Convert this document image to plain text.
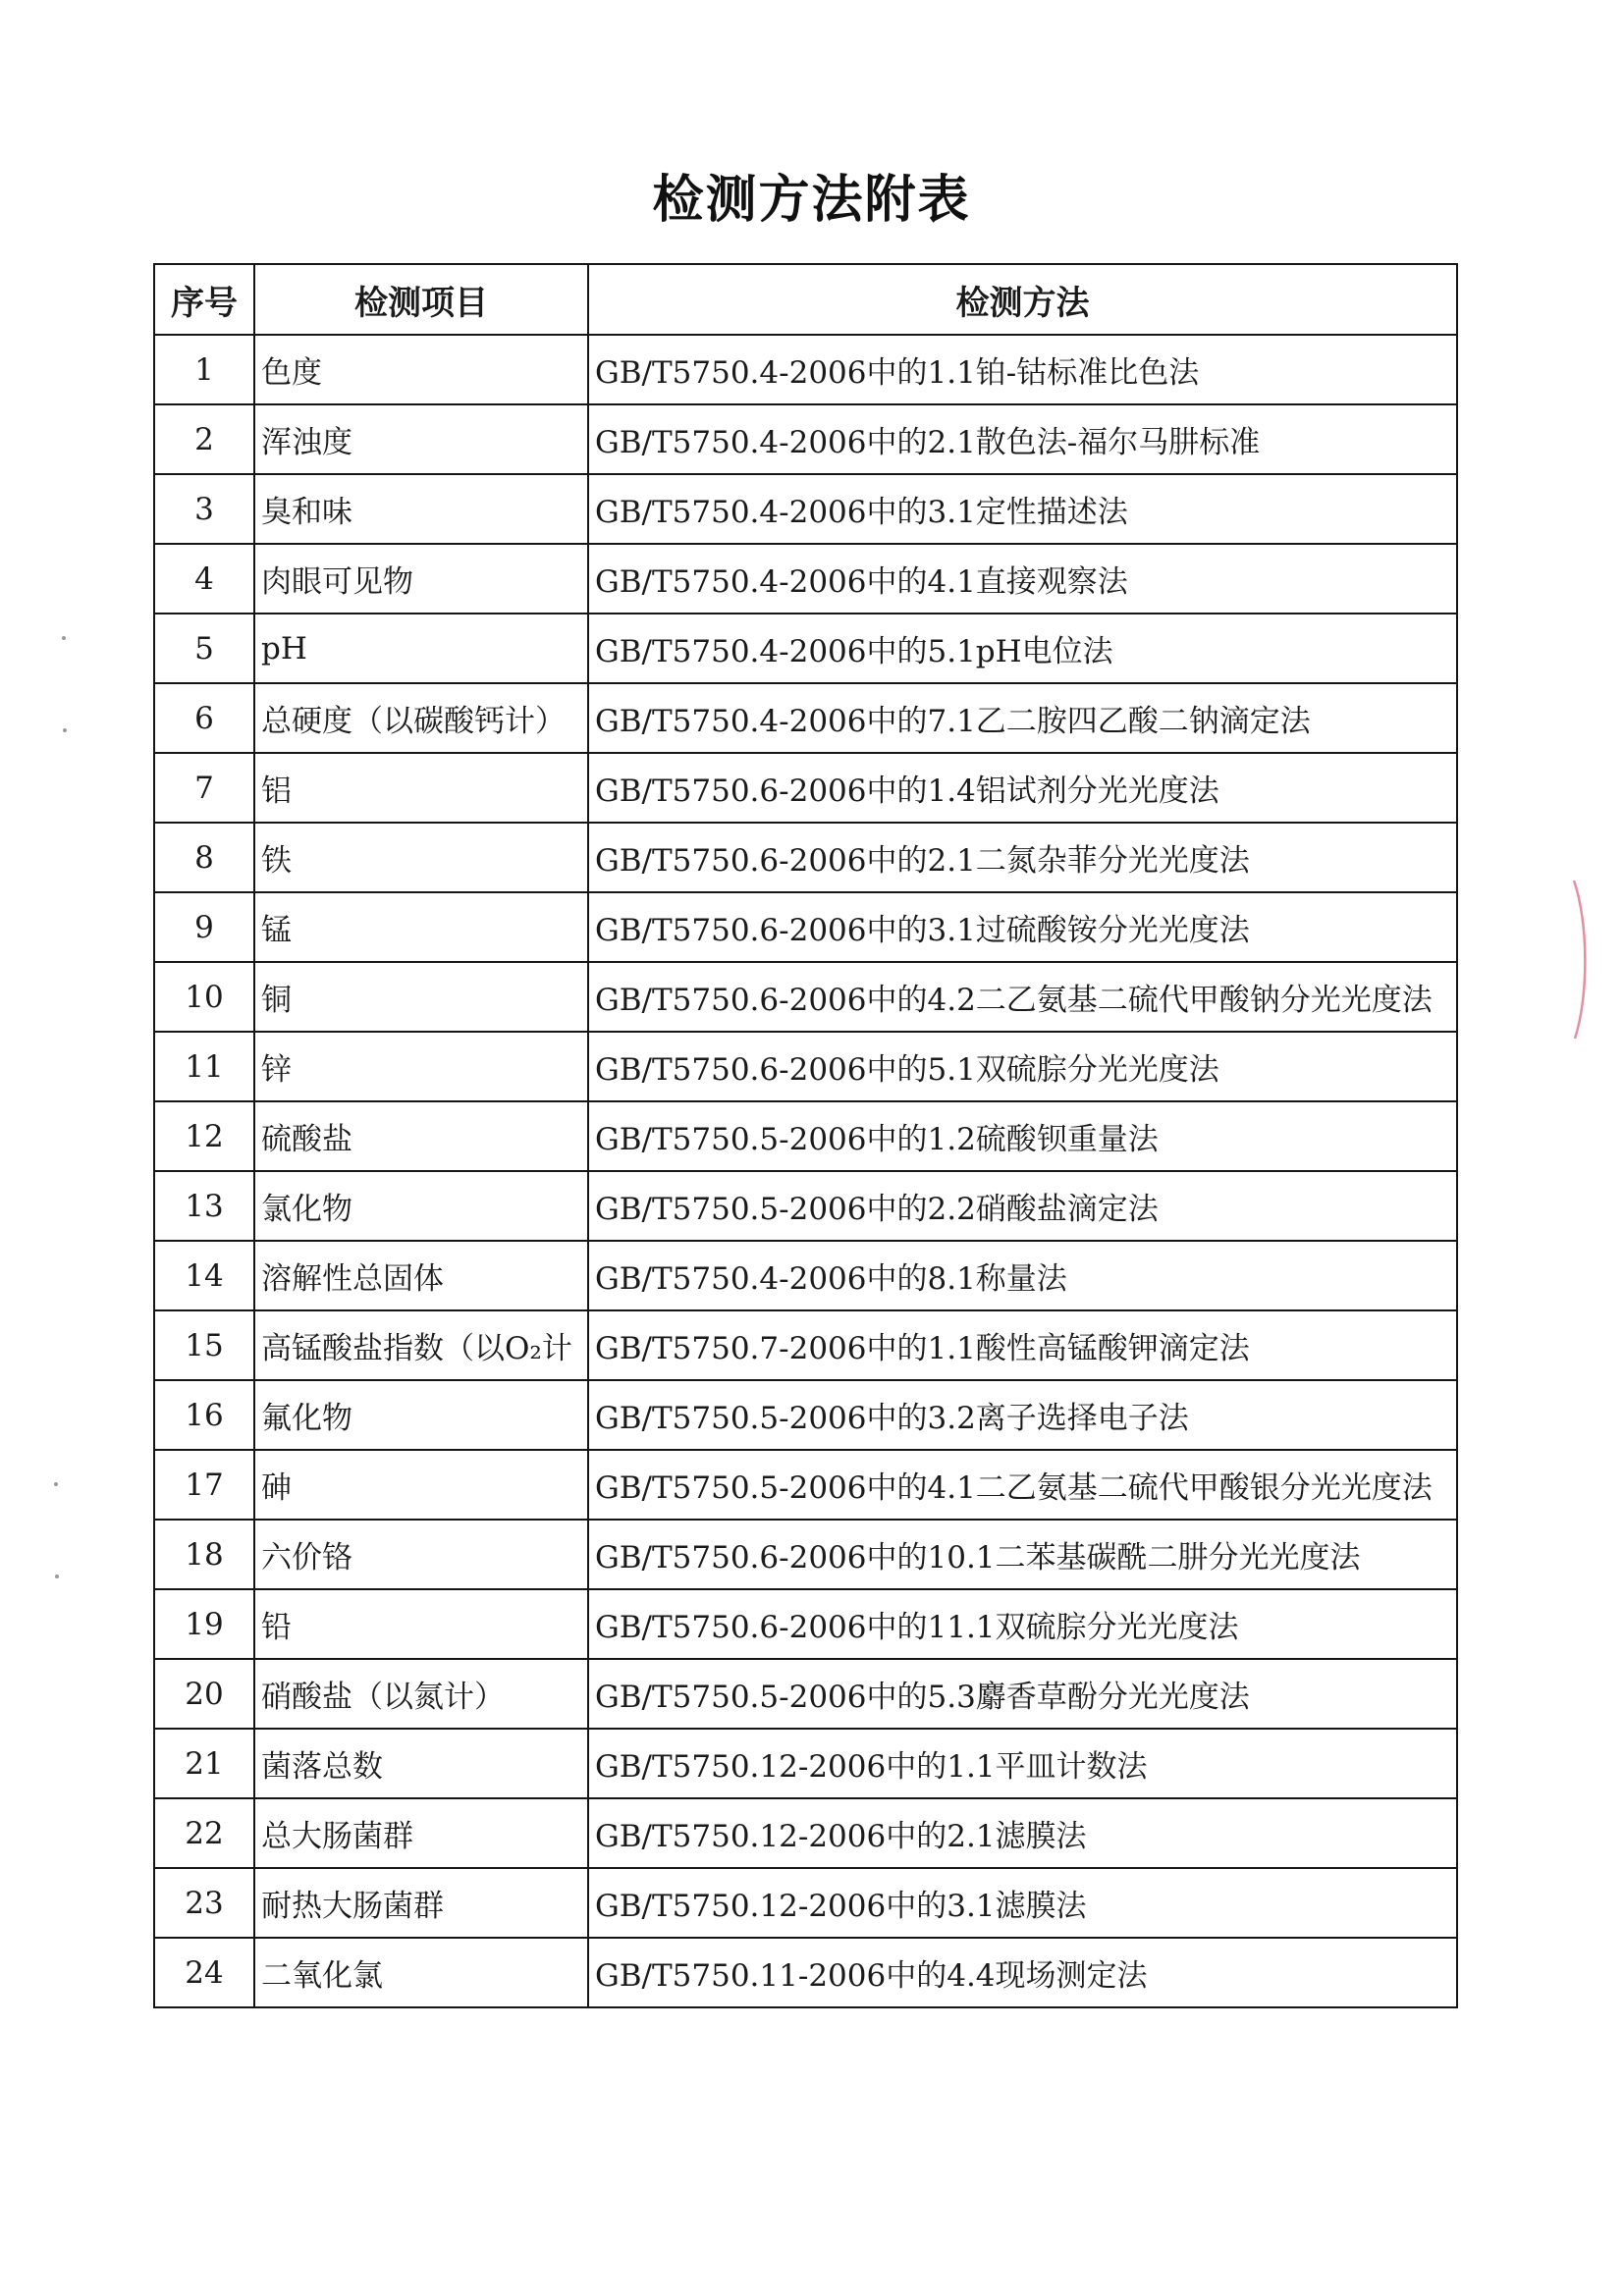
检测方法附表
序号	检测项目	检测方法
1	色度	GB/T5750.4-2006中的1.1铂-钴标准比色法
2	浑浊度	GB/T5750.4-2006中的2.1散色法-福尔马肼标准
3	臭和味	GB/T5750.4-2006中的3.1定性描述法
4	肉眼可见物	GB/T5750.4-2006中的4.1直接观察法
5	pH	GB/T5750.4-2006中的5.1pH电位法
6	总硬度（以碳酸钙计）	GB/T5750.4-2006中的7.1乙二胺四乙酸二钠滴定法
7	铝	GB/T5750.6-2006中的1.4铝试剂分光光度法
8	铁	GB/T5750.6-2006中的2.1二氮杂菲分光光度法
9	锰	GB/T5750.6-2006中的3.1过硫酸铵分光光度法
10	铜	GB/T5750.6-2006中的4.2二乙氨基二硫代甲酸钠分光光度法
11	锌	GB/T5750.6-2006中的5.1双硫腙分光光度法
12	硫酸盐	GB/T5750.5-2006中的1.2硫酸钡重量法
13	氯化物	GB/T5750.5-2006中的2.2硝酸盐滴定法
14	溶解性总固体	GB/T5750.4-2006中的8.1称量法
15	高锰酸盐指数（以O₂计	GB/T5750.7-2006中的1.1酸性高锰酸钾滴定法
16	氟化物	GB/T5750.5-2006中的3.2离子选择电子法
17	砷	GB/T5750.5-2006中的4.1二乙氨基二硫代甲酸银分光光度法
18	六价铬	GB/T5750.6-2006中的10.1二苯基碳酰二肼分光光度法
19	铅	GB/T5750.6-2006中的11.1双硫腙分光光度法
20	硝酸盐（以氮计）	GB/T5750.5-2006中的5.3麝香草酚分光光度法
21	菌落总数	GB/T5750.12-2006中的1.1平皿计数法
22	总大肠菌群	GB/T5750.12-2006中的2.1滤膜法
23	耐热大肠菌群	GB/T5750.12-2006中的3.1滤膜法
24	二氧化氯	GB/T5750.11-2006中的4.4现场测定法
